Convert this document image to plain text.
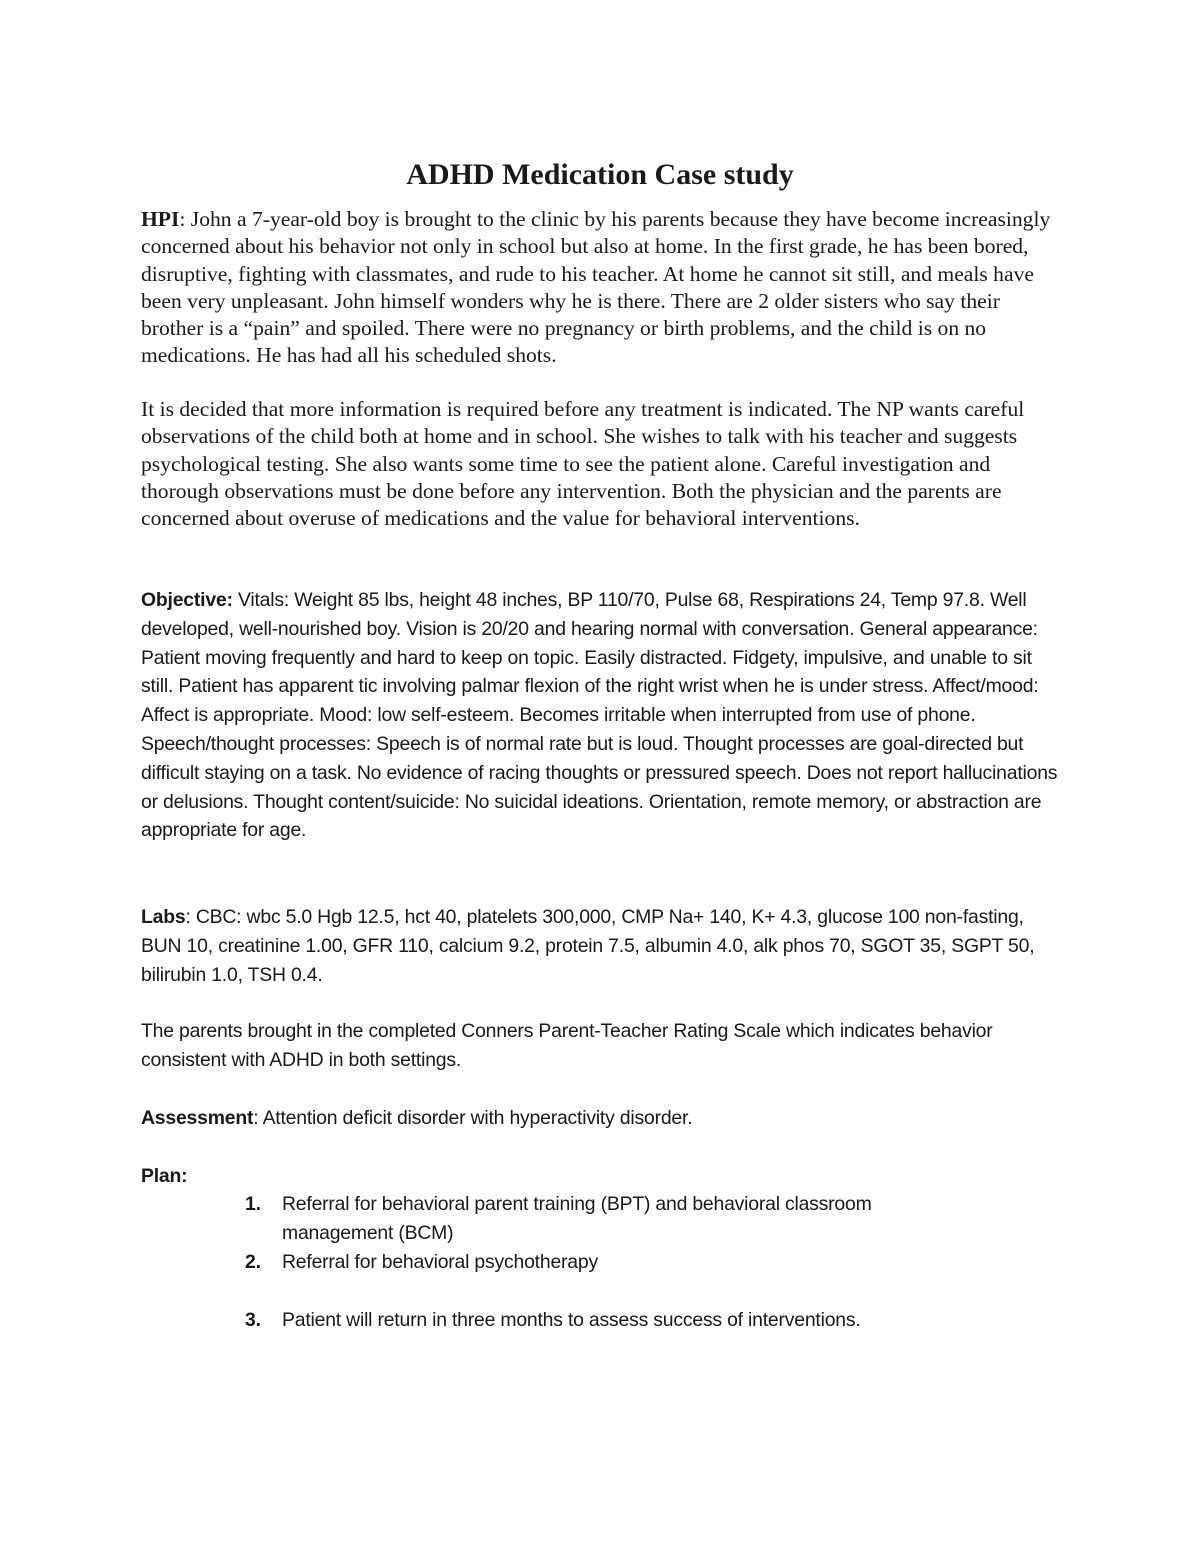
ADHD Medication Case study

HPI: John a 7-year-old boy is brought to the clinic by his parents because they have become increasingly concerned about his behavior not only in school but also at home. In the first grade, he has been bored, disruptive, fighting with classmates, and rude to his teacher. At home he cannot sit still, and meals have been very unpleasant. John himself wonders why he is there. There are 2 older sisters who say their brother is a “pain” and spoiled. There were no pregnancy or birth problems, and the child is on no medications. He has had all his scheduled shots.

It is decided that more information is required before any treatment is indicated. The NP wants careful observations of the child both at home and in school. She wishes to talk with his teacher and suggests psychological testing. She also wants some time to see the patient alone. Careful investigation and thorough observations must be done before any intervention. Both the physician and the parents are concerned about overuse of medications and the value for behavioral interventions.

Objective: Vitals: Weight 85 lbs, height 48 inches, BP 110/70, Pulse 68, Respirations 24, Temp 97.8. Well developed, well-nourished boy. Vision is 20/20 and hearing normal with conversation. General appearance: Patient moving frequently and hard to keep on topic. Easily distracted. Fidgety, impulsive, and unable to sit still. Patient has apparent tic involving palmar flexion of the right wrist when he is under stress. Affect/mood: Affect is appropriate. Mood: low self-esteem. Becomes irritable when interrupted from use of phone. Speech/thought processes: Speech is of normal rate but is loud. Thought processes are goal-directed but difficult staying on a task. No evidence of racing thoughts or pressured speech. Does not report hallucinations or delusions. Thought content/suicide: No suicidal ideations. Orientation, remote memory, or abstraction are appropriate for age.

Labs: CBC: wbc 5.0 Hgb 12.5, hct 40, platelets 300,000, CMP Na+ 140, K+ 4.3, glucose 100 non-fasting, BUN 10, creatinine 1.00, GFR 110, calcium 9.2, protein 7.5, albumin 4.0, alk phos 70, SGOT 35, SGPT 50, bilirubin 1.0, TSH 0.4.

The parents brought in the completed Conners Parent-Teacher Rating Scale which indicates behavior consistent with ADHD in both settings.

Assessment: Attention deficit disorder with hyperactivity disorder.

Plan:

1.	Referral for behavioral parent training (BPT) and behavioral classroom management (BCM)
2.	Referral for behavioral psychotherapy
3.	Patient will return in three months to assess success of interventions.
